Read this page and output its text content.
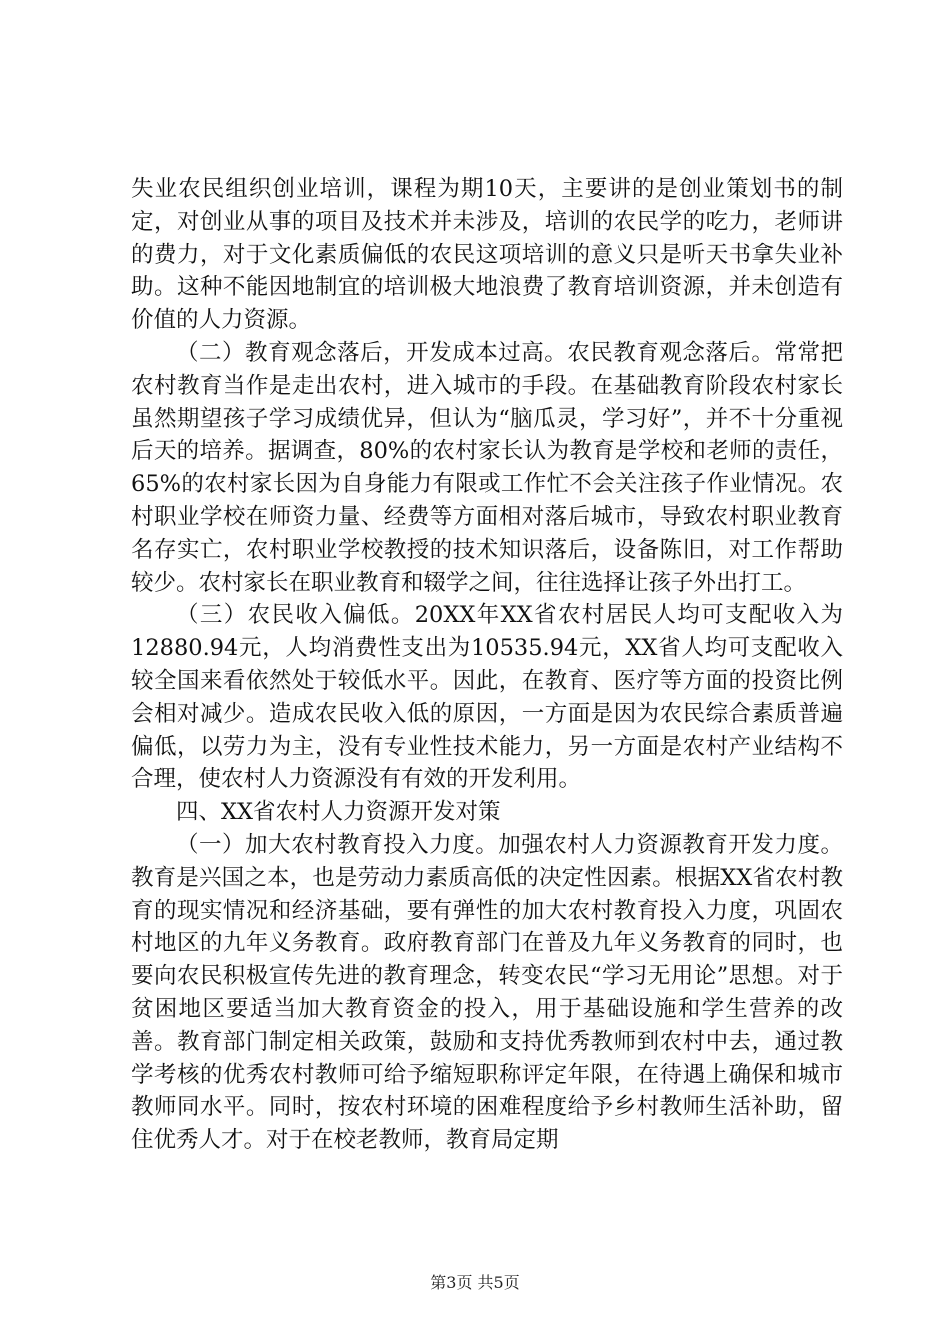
失业农民组织创业培训，课程为期10天，主要讲的是创业策划书的制定，对创业从事的项目及技术并未涉及，培训的农民学的吃力，老师讲的费力，对于文化素质偏低的农民这项培训的意义只是听天书拿失业补助。这种不能因地制宜的培训极大地浪费了教育培训资源，并未创造有价值的人力资源。

（二）教育观念落后，开发成本过高。农民教育观念落后。常常把农村教育当作是走出农村，进入城市的手段。在基础教育阶段农村家长虽然期望孩子学习成绩优异，但认为“脑瓜灵，学习好”，并不十分重视后天的培养。据调查，80%的农村家长认为教育是学校和老师的责任，65%的农村家长因为自身能力有限或工作忙不会关注孩子作业情况。农村职业学校在师资力量、经费等方面相对落后城市，导致农村职业教育名存实亡，农村职业学校教授的技术知识落后，设备陈旧，对工作帮助较少。农村家长在职业教育和辍学之间，往往选择让孩子外出打工。

（三）农民收入偏低。20XX年XX省农村居民人均可支配收入为12880.94元，人均消费性支出为10535.94元，XX省人均可支配收入较全国来看依然处于较低水平。因此，在教育、医疗等方面的投资比例会相对减少。造成农民收入低的原因，一方面是因为农民综合素质普遍偏低，以劳力为主，没有专业性技术能力，另一方面是农村产业结构不合理，使农村人力资源没有有效的开发利用。

四、XX省农村人力资源开发对策

（一）加大农村教育投入力度。加强农村人力资源教育开发力度。教育是兴国之本，也是劳动力素质高低的决定性因素。根据XX省农村教育的现实情况和经济基础，要有弹性的加大农村教育投入力度，巩固农村地区的九年义务教育。政府教育部门在普及九年义务教育的同时，也要向农民积极宣传先进的教育理念，转变农民“学习无用论”思想。对于贫困地区要适当加大教育资金的投入，用于基础设施和学生营养的改善。教育部门制定相关政策，鼓励和支持优秀教师到农村中去，通过教学考核的优秀农村教师可给予缩短职称评定年限，在待遇上确保和城市教师同水平。同时，按农村环境的困难程度给予乡村教师生活补助，留住优秀人才。对于在校老教师，教育局定期

第3页 共5页
